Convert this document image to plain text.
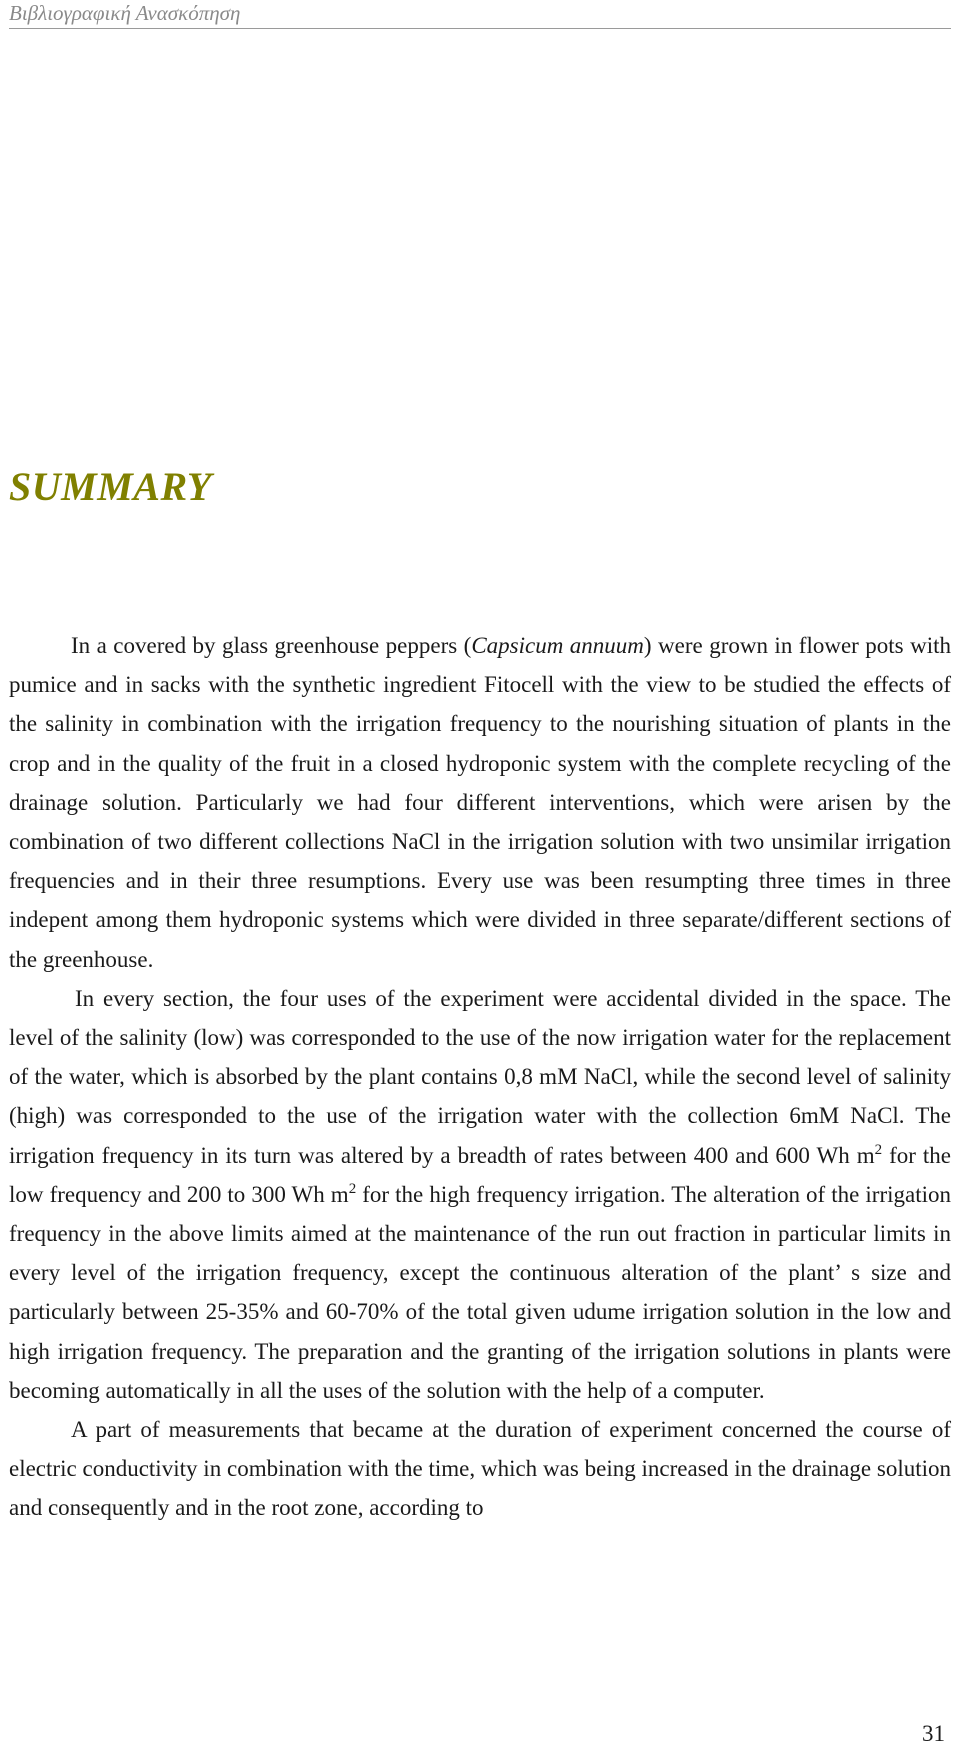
Βιβλιογραφική Ανασκόπηση
SUMMARY

In a covered by glass greenhouse peppers (Capsicum annuum) were grown in flower pots with pumice and in sacks with the synthetic ingredient Fitocell with the view to be studied the effects of the salinity in combination with the irrigation frequency to the nourishing situation of plants in the crop and in the quality of the fruit in a closed hydroponic system with the complete recycling of the drainage solution. Particularly we had four different interventions, which were arisen by the combination of two different collections NaCl in the irrigation solution with two unsimilar irrigation frequencies and in their three resumptions. Every use was been resumpting three times in three indepent among them hydroponic systems which were divided in three separate/different sections of the greenhouse.

In every section, the four uses of the experiment were accidental divided in the space. The level of the salinity (low) was corresponded to the use of the now irrigation water for the replacement of the water, which is absorbed by the plant contains 0,8 mM NaCl, while the second level of salinity (high) was corresponded to the use of the irrigation water with the collection 6mM NaCl. The irrigation frequency in its turn was altered by a breadth of rates between 400 and 600 Wh $m^2$ for the low frequency and 200 to 300 Wh $m^2$ for the high frequency irrigation. The alteration of the irrigation frequency in the above limits aimed at the maintenance of the run out fraction in particular limits in every level of the irrigation frequency, except the continuous alteration of the plant’ s size and particularly between 25-35% and 60-70% of the total given udume irrigation solution in the low and high irrigation frequency. The preparation and the granting of the irrigation solutions in plants were becoming automatically in all the uses of the solution with the help of a computer.

A part of measurements that became at the duration of experiment concerned the course of electric conductivity in combination with the time, which was being increased in the drainage solution and consequently and in the root zone, according to

31
